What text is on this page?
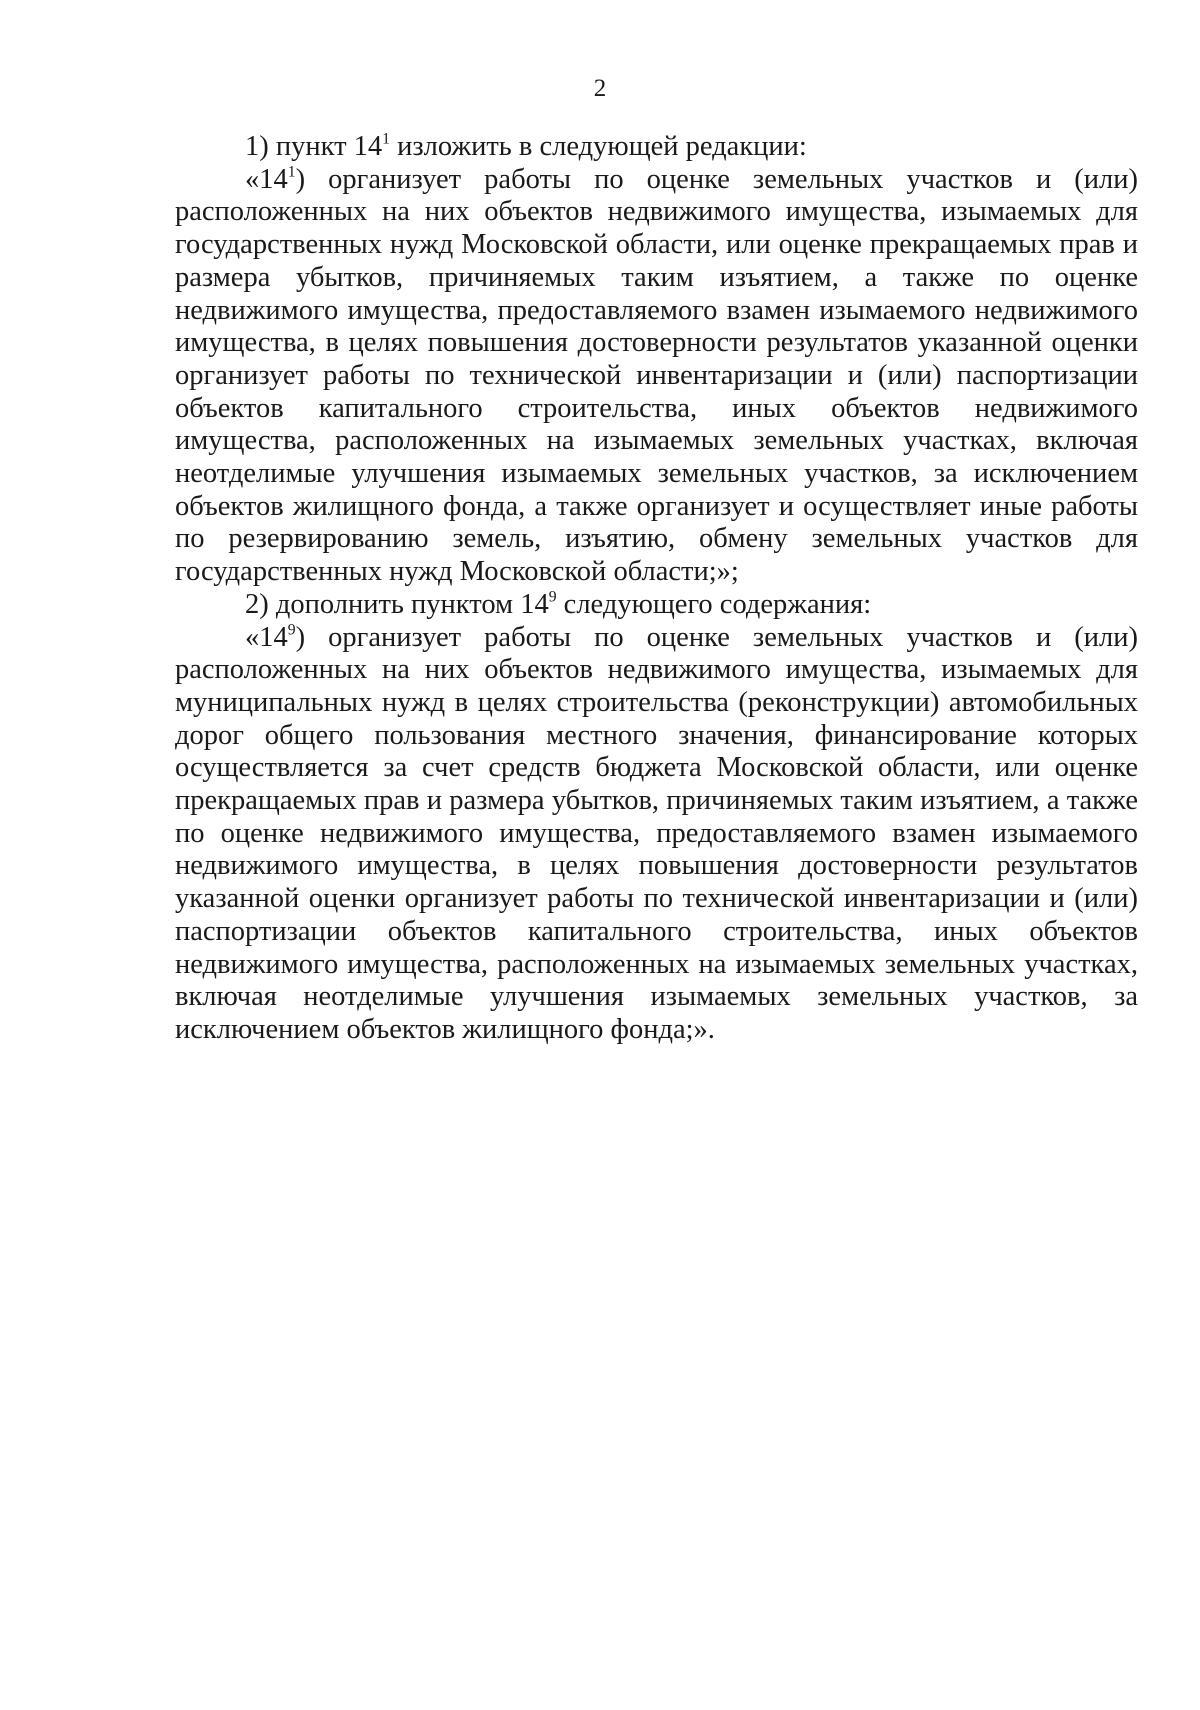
2

1) пункт $14^1$ изложить в следующей редакции:

«$14^1$) организует работы по оценке земельных участков и (или) расположенных на них объектов недвижимого имущества, изымаемых для государственных нужд Московской области, или оценке прекращаемых прав и размера убытков, причиняемых таким изъятием, а также по оценке недвижимого имущества, предоставляемого взамен изымаемого недвижимого имущества, в целях повышения достоверности результатов указанной оценки организует работы по технической инвентаризации и (или) паспортизации объектов капитального строительства, иных объектов недвижимого имущества, расположенных на изымаемых земельных участках, включая неотделимые улучшения изымаемых земельных участков, за исключением объектов жилищного фонда, а также организует и осуществляет иные работы по резервированию земель, изъятию, обмену земельных участков для государственных нужд Московской области;»;

2) дополнить пунктом $14^9$ следующего содержания:

«$14^9$) организует работы по оценке земельных участков и (или) расположенных на них объектов недвижимого имущества, изымаемых для муниципальных нужд в целях строительства (реконструкции) автомобильных дорог общего пользования местного значения, финансирование которых осуществляется за счет средств бюджета Московской области, или оценке прекращаемых прав и размера убытков, причиняемых таким изъятием, а также по оценке недвижимого имущества, предоставляемого взамен изымаемого недвижимого имущества, в целях повышения достоверности результатов указанной оценки организует работы по технической инвентаризации и (или) паспортизации объектов капитального строительства, иных объектов недвижимого имущества, расположенных на изымаемых земельных участках, включая неотделимые улучшения изымаемых земельных участков, за исключением объектов жилищного фонда;».
